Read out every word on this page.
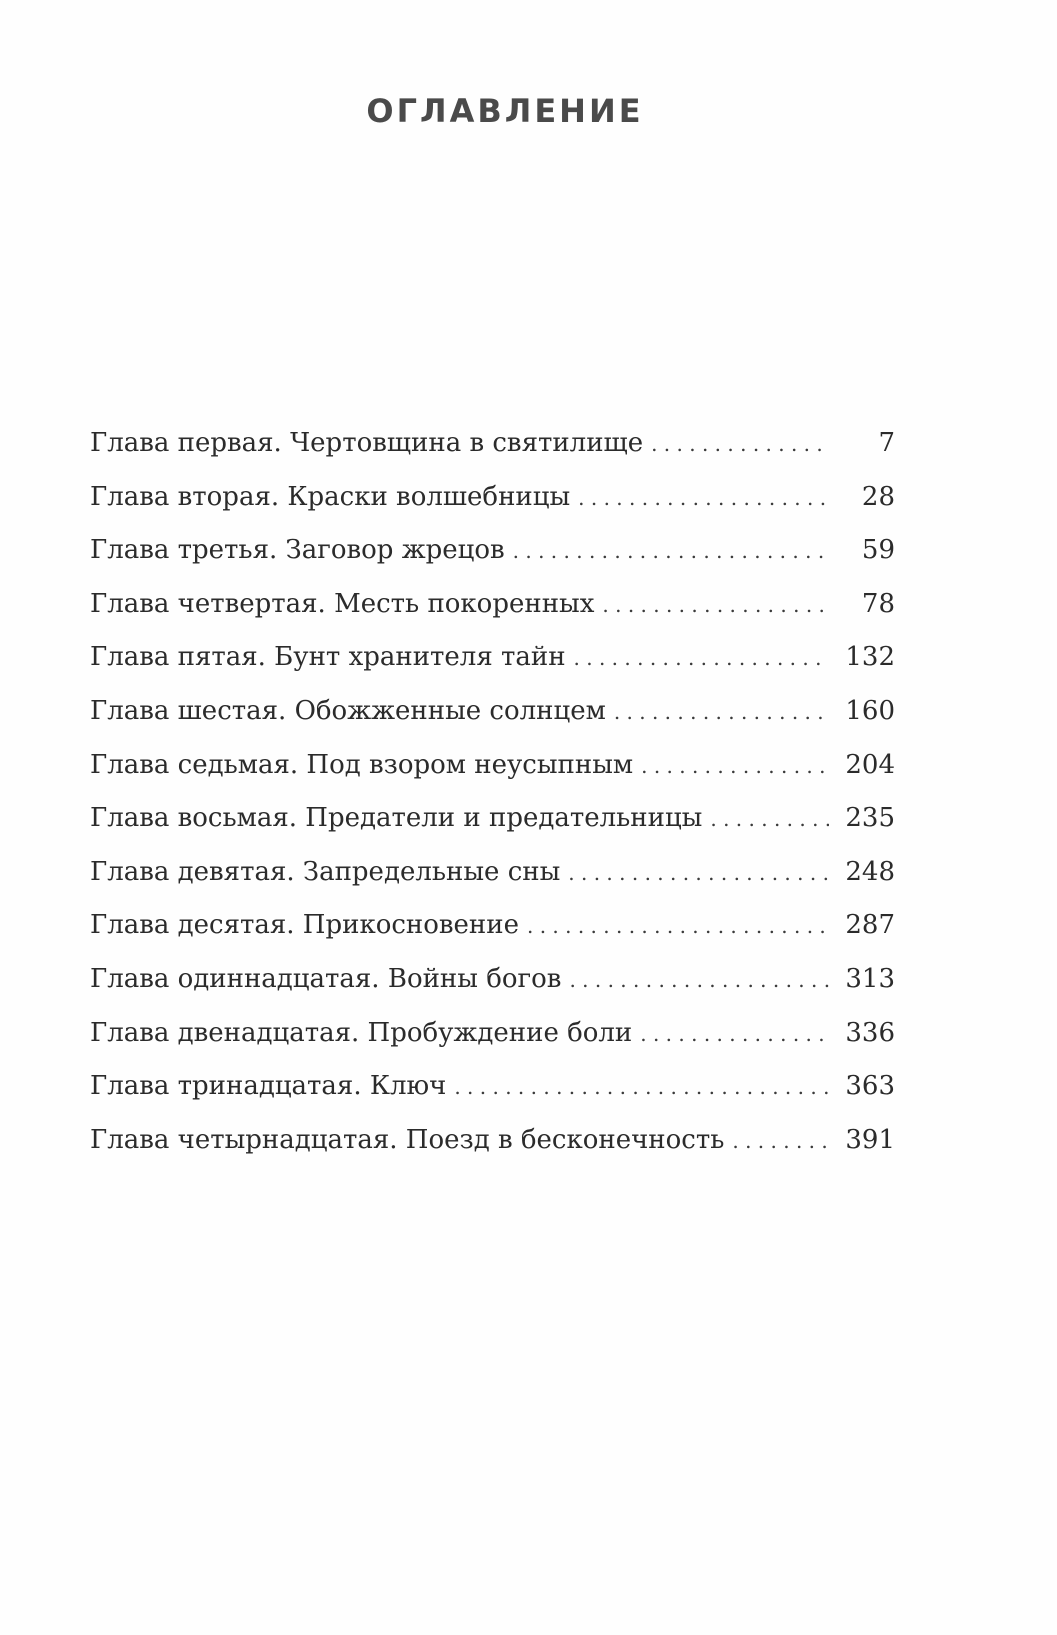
ОГЛАВЛЕНИЕ
Глава первая. Чертовщина в святилище . . .	7
Глава вторая. Краски волшебницы . . .	28
Глава третья. Заговор жрецов . . .	59
Глава четвертая. Месть покоренных . . .	78
Глава пятая. Бунт хранителя тайн . . .	132
Глава шестая. Обожженные солнцем . . .	160
Глава седьмая. Под взором неусыпным . . .	204
Глава восьмая. Предатели и предательницы . . .	235
Глава девятая. Запредельные сны . . .	248
Глава десятая. Прикосновение . . .	287
Глава одиннадцатая. Войны богов . . .	313
Глава двенадцатая. Пробуждение боли . . .	336
Глава тринадцатая. Ключ . . .	363
Глава четырнадцатая. Поезд в бесконечность . . .	391
